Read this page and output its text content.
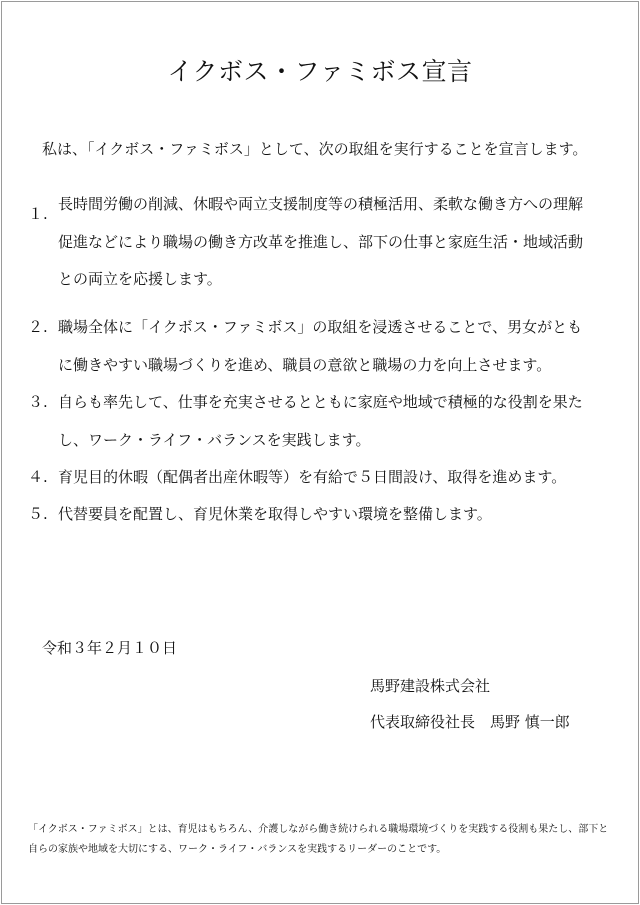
イクボス・ファミボス宣言
私は、「イクボス・ファミボス」として、次の取組を実行することを宣言します。
１.
長時間労働の削減、休暇や両立支援制度等の積極活用、柔軟な働き方への理解
促進などにより職場の働き方改革を推進し、部下の仕事と家庭生活・地域活動
との両立を応援します。
２. 職場全体に「イクボス・ファミボス」の取組を浸透させることで、男女がとも
に働きやすい職場づくりを進め、職員の意欲と職場の力を向上させます。
３. 自らも率先して、仕事を充実させるとともに家庭や地域で積極的な役割を果た
し、ワーク・ライフ・バランスを実践します。
４. 育児目的休暇（配偶者出産休暇等）を有給で５日間設け、取得を進めます。
５. 代替要員を配置し、育児休業を取得しやすい環境を整備します。
令和３年２月１０日
馬野建設株式会社
代表取締役社長　馬野 慎一郎
「イクボス・ファミボス」とは、育児はもちろん、介護しながら働き続けられる職場環境づくりを実践する役割も果たし、部下と
自らの家族や地域を大切にする、ワーク・ライフ・バランスを実践するリーダーのことです。
